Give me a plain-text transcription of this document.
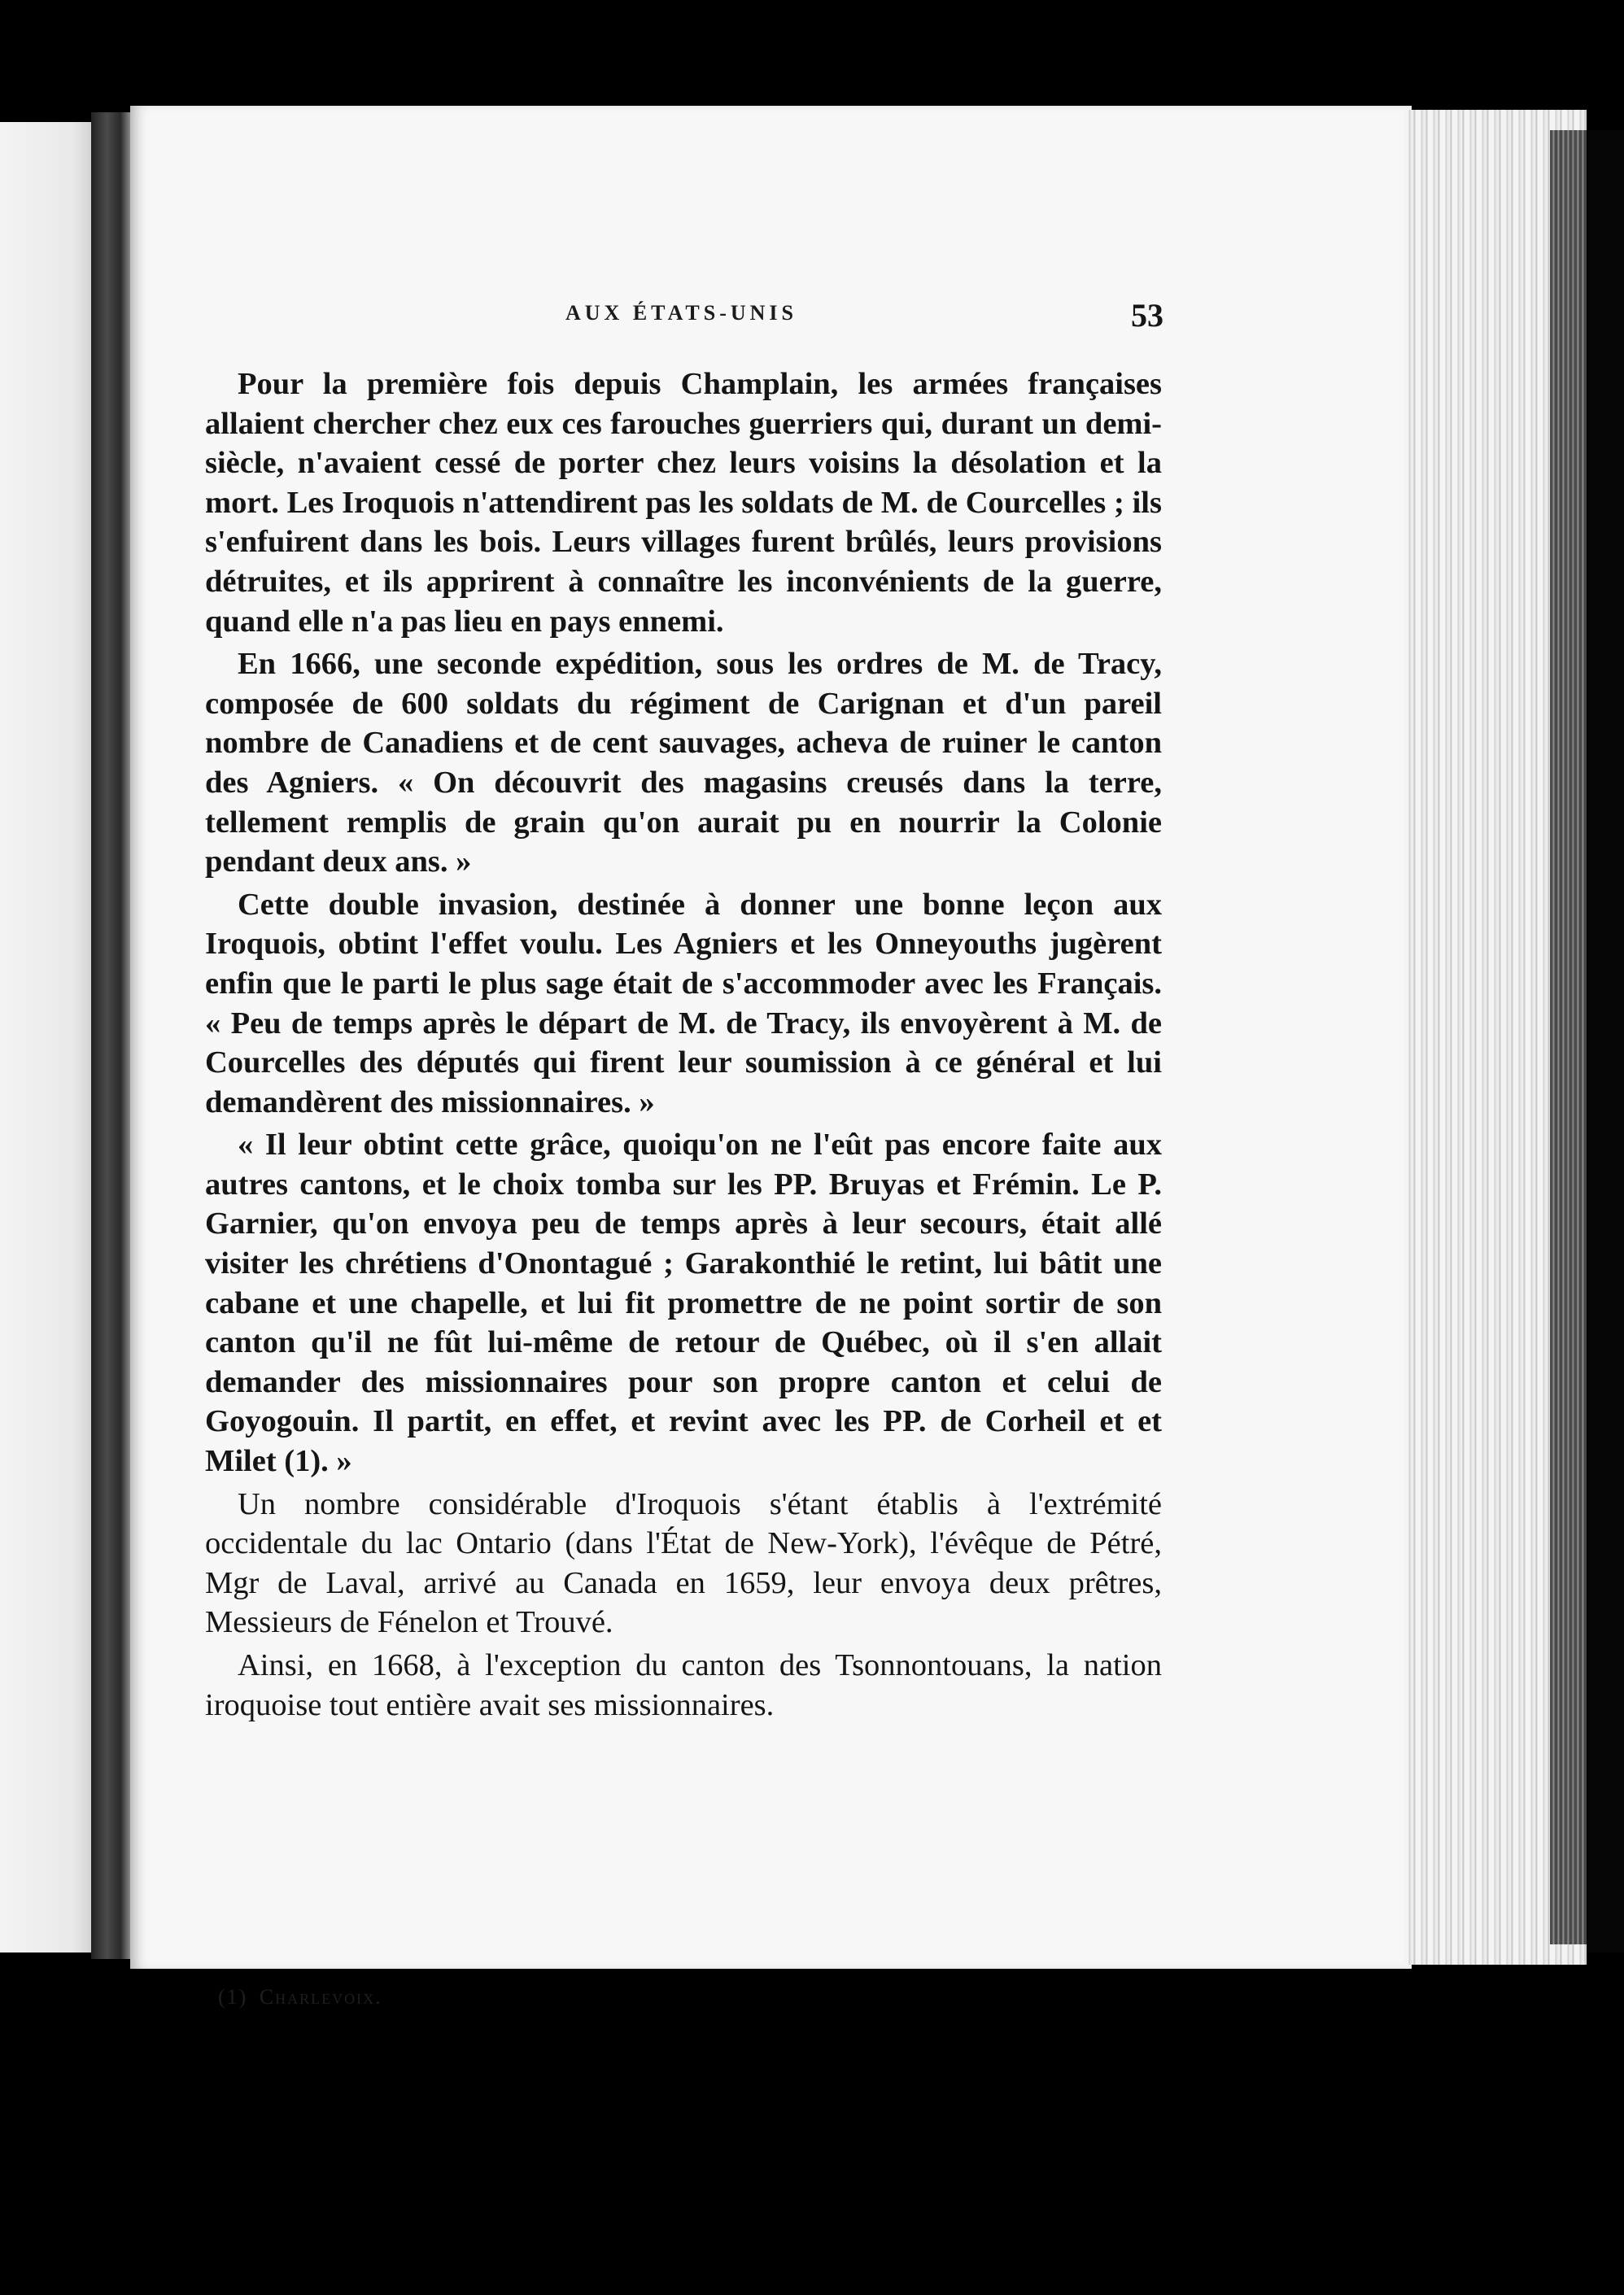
AUX ÉTATS-UNIS	53

Pour la première fois depuis Champlain, les armées françaises allaient chercher chez eux ces farouches guerriers qui, durant un demi-siècle, n'avaient cessé de porter chez leurs voisins la désolation et la mort. Les Iroquois n'attendirent pas les soldats de M. de Courcelles ; ils s'enfuirent dans les bois. Leurs villages furent brûlés, leurs provisions détruites, et ils apprirent à connaître les inconvénients de la guerre, quand elle n'a pas lieu en pays ennemi.

En 1666, une seconde expédition, sous les ordres de M. de Tracy, composée de 600 soldats du régiment de Carignan et d'un pareil nombre de Canadiens et de cent sauvages, acheva de ruiner le canton des Agniers. « On découvrit des magasins creusés dans la terre, tellement remplis de grain qu'on aurait pu en nourrir la Colonie pendant deux ans. »

Cette double invasion, destinée à donner une bonne leçon aux Iroquois, obtint l'effet voulu. Les Agniers et les Onneyouths jugèrent enfin que le parti le plus sage était de s'accommoder avec les Français. « Peu de temps après le départ de M. de Tracy, ils envoyèrent à M. de Courcelles des députés qui firent leur soumission à ce général et lui demandèrent des missionnaires. »

« Il leur obtint cette grâce, quoiqu'on ne l'eût pas encore faite aux autres cantons, et le choix tomba sur les PP. Bruyas et Frémin. Le P. Garnier, qu'on envoya peu de temps après à leur secours, était allé visiter les chrétiens d'Onontagué ; Garakonthié le retint, lui bâtit une cabane et une chapelle, et lui fit promettre de ne point sortir de son canton qu'il ne fût lui-même de retour de Québec, où il s'en allait demander des missionnaires pour son propre canton et celui de Goyogouin. Il partit, en effet, et revint avec les PP. de Corheil et et Milet (1). »

Un nombre considérable d'Iroquois s'étant établis à l'extrémité occidentale du lac Ontario (dans l'État de New-York), l'évêque de Pétré, Mgr de Laval, arrivé au Canada en 1659, leur envoya deux prêtres, Messieurs de Fénelon et Trouvé.

Ainsi, en 1668, à l'exception du canton des Tsonnontouans, la nation iroquoise tout entière avait ses missionnaires.

(1) Charlevoix.
